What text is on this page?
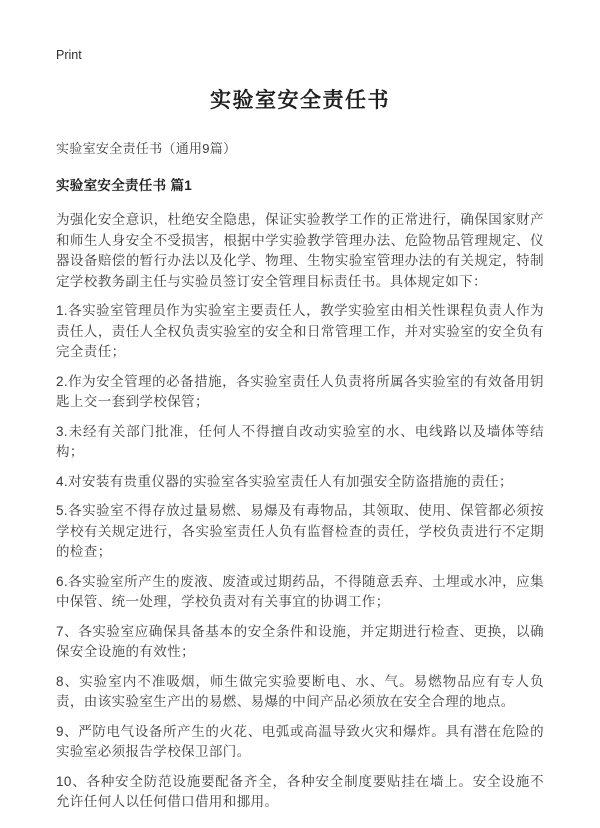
Print
实验室安全责任书
实验室安全责任书（通用9篇）
实验室安全责任书 篇1

为强化安全意识，杜绝安全隐患，保证实验教学工作的正常进行，确保国家财产和师生人身安全不受损害，根据中学实验教学管理办法、危险物品管理规定、仪器设备赔偿的暂行办法以及化学、物理、生物实验室管理办法的有关规定，特制定学校教务副主任与实验员签订安全管理目标责任书。具体规定如下：

1.各实验室管理员作为实验室主要责任人，教学实验室由相关性课程负责人作为责任人，责任人全权负责实验室的安全和日常管理工作，并对实验室的安全负有完全责任；

2.作为安全管理的必备措施，各实验室责任人负责将所属各实验室的有效备用钥匙上交一套到学校保管；

3.未经有关部门批准，任何人不得擅自改动实验室的水、电线路以及墙体等结构；

4.对安装有贵重仪器的实验室各实验室责任人有加强安全防盗措施的责任；

5.各实验室不得存放过量易燃、易爆及有毒物品，其领取、使用、保管都必须按学校有关规定进行，各实验室责任人负有监督检查的责任，学校负责进行不定期的检查；

6.各实验室所产生的废液、废渣或过期药品，不得随意丢弃、土埋或水冲，应集中保管、统一处理，学校负责对有关事宜的协调工作；

7、各实验室应确保具备基本的安全条件和设施，并定期进行检查、更换，以确保安全设施的有效性；

8、实验室内不准吸烟，师生做完实验要断电、水、气。易燃物品应有专人负责，由该实验室生产出的易燃、易爆的中间产品必须放在安全合理的地点。

9、严防电气设备所产生的火花、电弧或高温导致火灾和爆炸。具有潜在危险的实验室必须报告学校保卫部门。

10、各种安全防范设施要配备齐全，各种安全制度要贴挂在墙上。安全设施不允许任何人以任何借口借用和挪用。
